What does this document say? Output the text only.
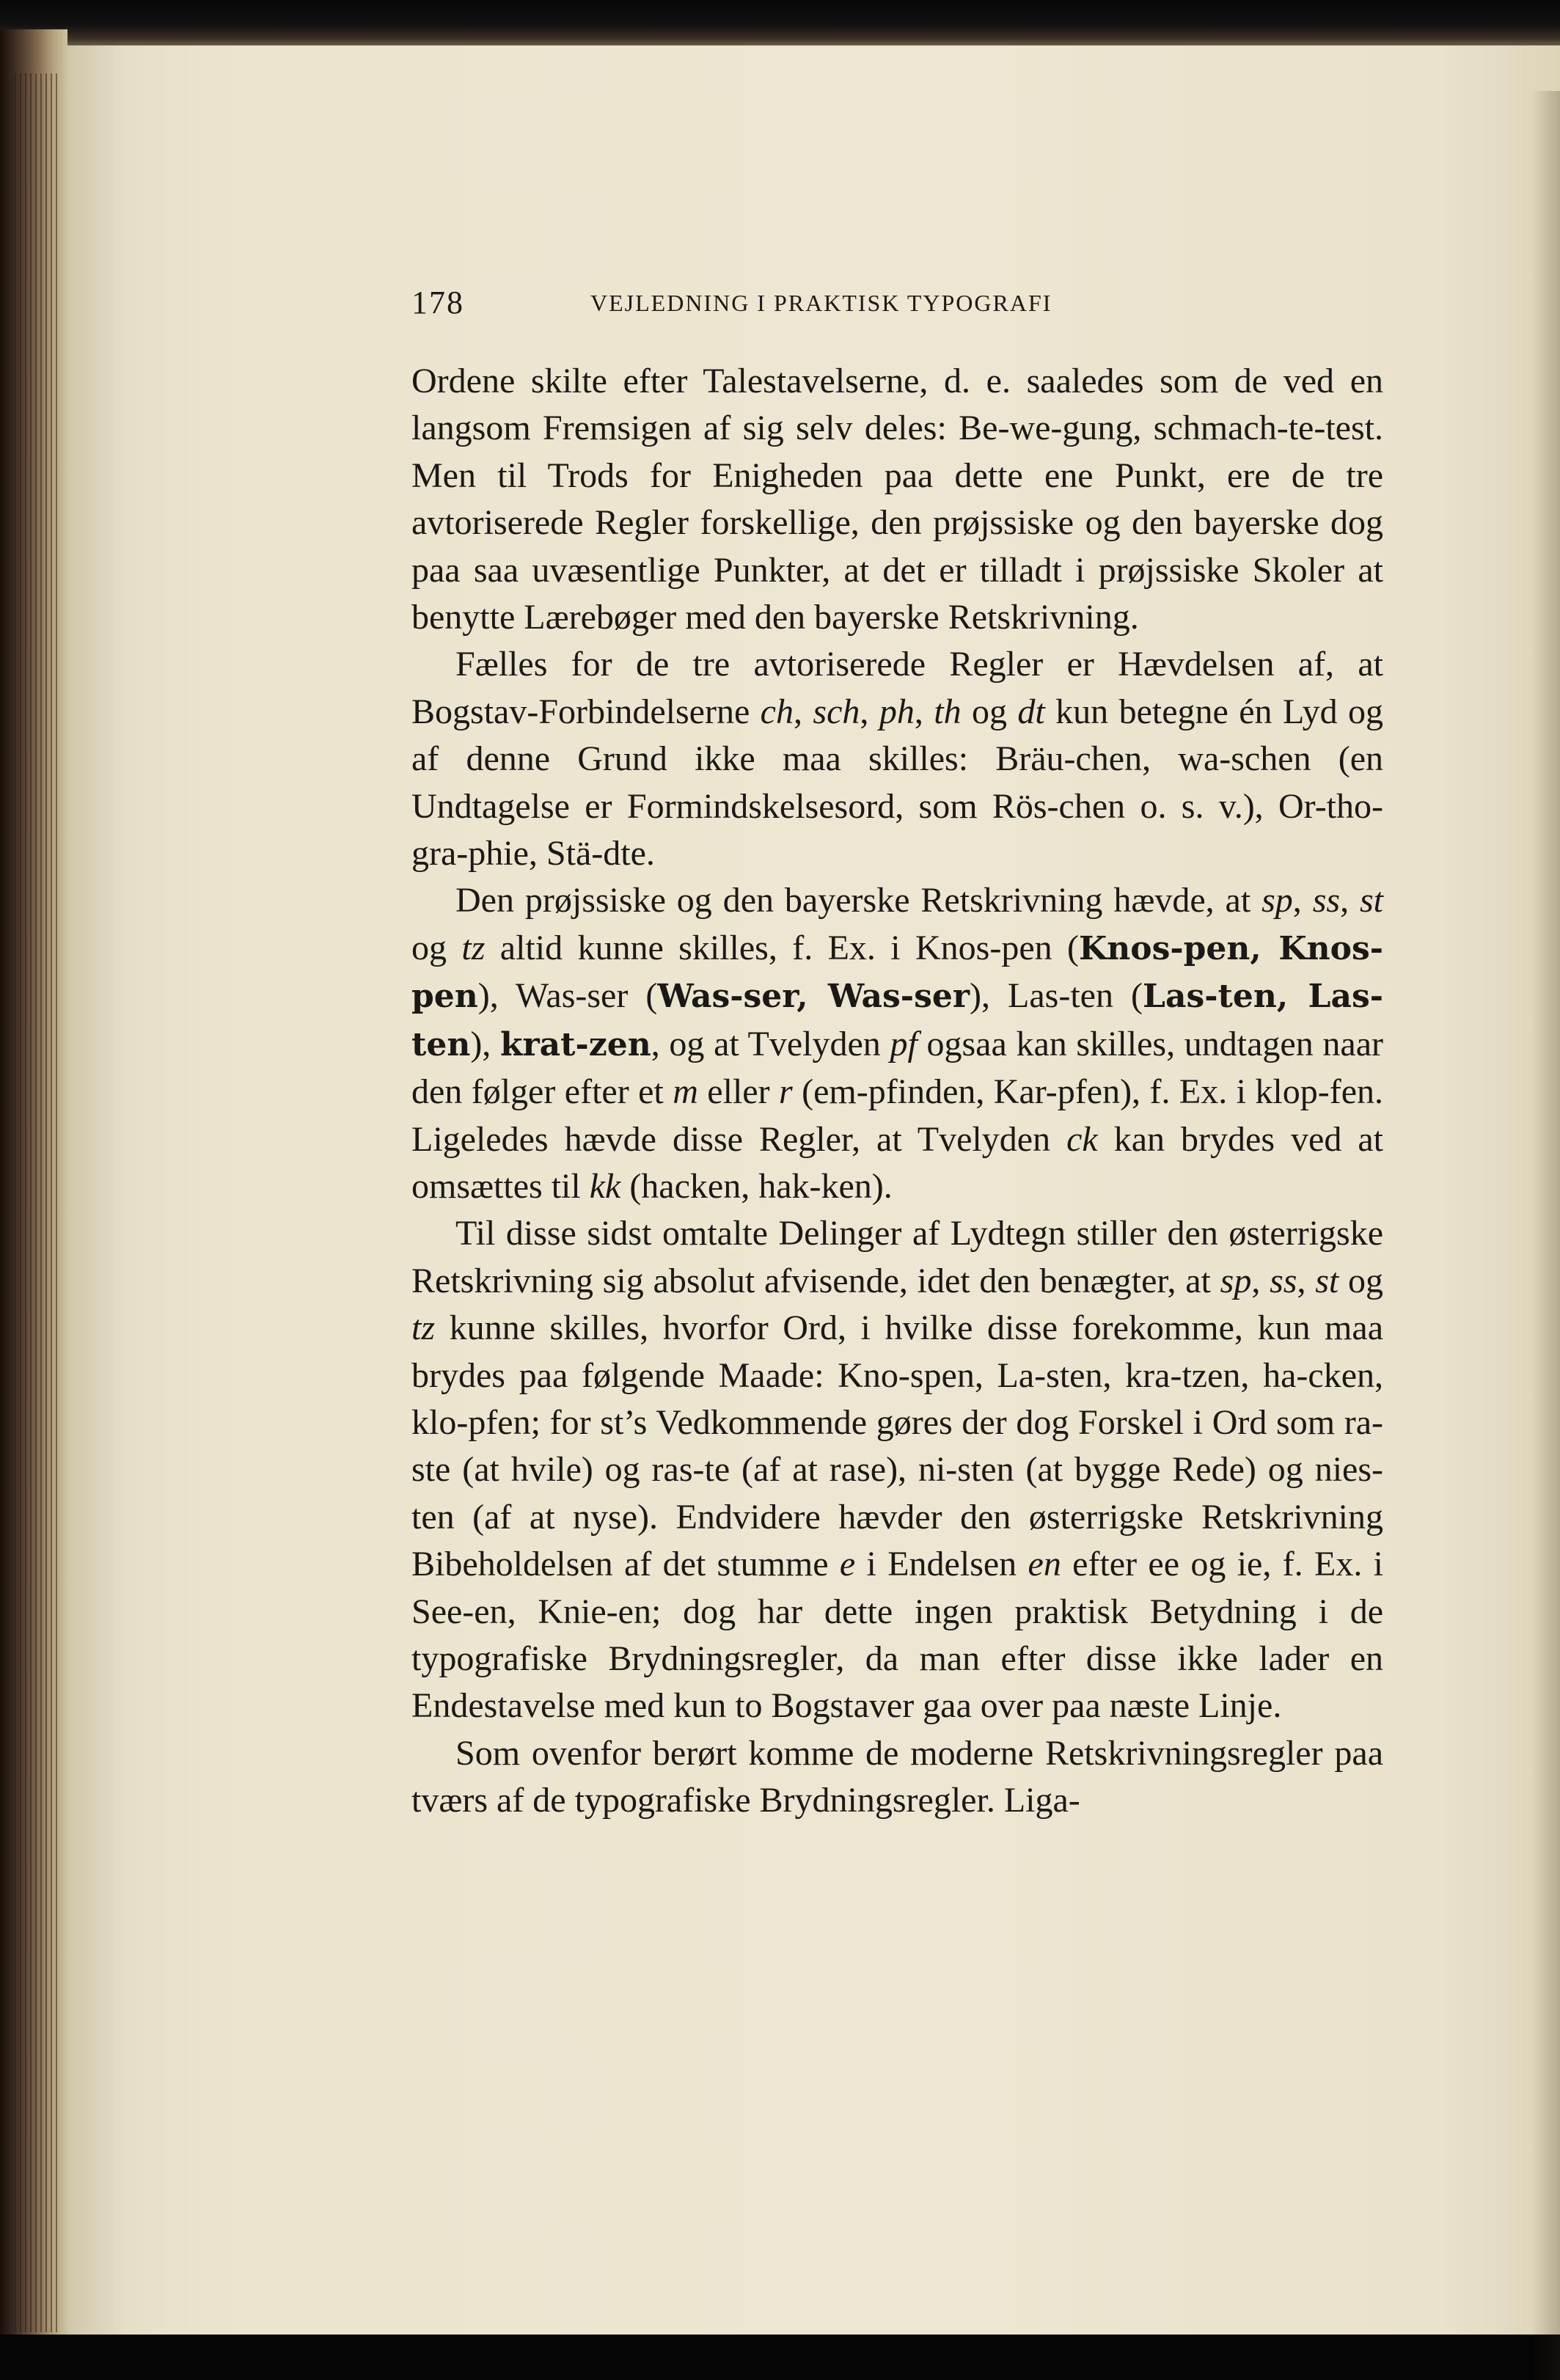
178	VEJLEDNING I PRAKTISK TYPOGRAFI

Ordene skilte efter Talestavelserne, d. e. saaledes som de ved en langsom Fremsigen af sig selv deles: Be-we-gung, schmach-te-test. Men til Trods for Enigheden paa dette ene Punkt, ere de tre avtoriserede Regler forskellige, den prøjssiske og den bayerske dog paa saa uvæsentlige Punkter, at det er tilladt i prøjssiske Skoler at benytte Lærebøger med den bayerske Retskrivning.

Fælles for de tre avtoriserede Regler er Hævdelsen af, at Bogstav-Forbindelserne ch, sch, ph, th og dt kun betegne én Lyd og af denne Grund ikke maa skilles: Bräu-chen, wa-schen (en Undtagelse er Formindskelsesord, som Rös-chen o. s. v.), Or-tho-gra-phie, Stä-dte.

Den prøjssiske og den bayerske Retskrivning hævde, at sp, ss, st og tz altid kunne skilles, f. Ex. i Knos-pen (Knos-pen, Knos-pen), Was-ser (Was-ser, Was-ser), Las-ten (Las-ten, Las-ten), krat-zen, og at Tvelyden pf ogsaa kan skilles, undtagen naar den følger efter et m eller r (em-pfinden, Kar-pfen), f. Ex. i klop-fen. Ligeledes hævde disse Regler, at Tvelyden ck kan brydes ved at omsættes til kk (hacken, hak-ken).

Til disse sidst omtalte Delinger af Lydtegn stiller den østerrigske Retskrivning sig absolut afvisende, idet den benægter, at sp, ss, st og tz kunne skilles, hvorfor Ord, i hvilke disse forekomme, kun maa brydes paa følgende Maade: Kno-spen, La-sten, kra-tzen, ha-cken, klo-pfen; for st’s Vedkommende gøres der dog Forskel i Ord som ra-ste (at hvile) og ras-te (af at rase), ni-sten (at bygge Rede) og nies-ten (af at nyse). Endvidere hævder den østerrigske Retskrivning Bibeholdelsen af det stumme e i Endelsen en efter ee og ie, f. Ex. i See-en, Knie-en; dog har dette ingen praktisk Betydning i de typografiske Brydningsregler, da man efter disse ikke lader en Endestavelse med kun to Bogstaver gaa over paa næste Linje.

Som ovenfor berørt komme de moderne Retskrivningsregler paa tværs af de typografiske Brydningsregler. Liga-
